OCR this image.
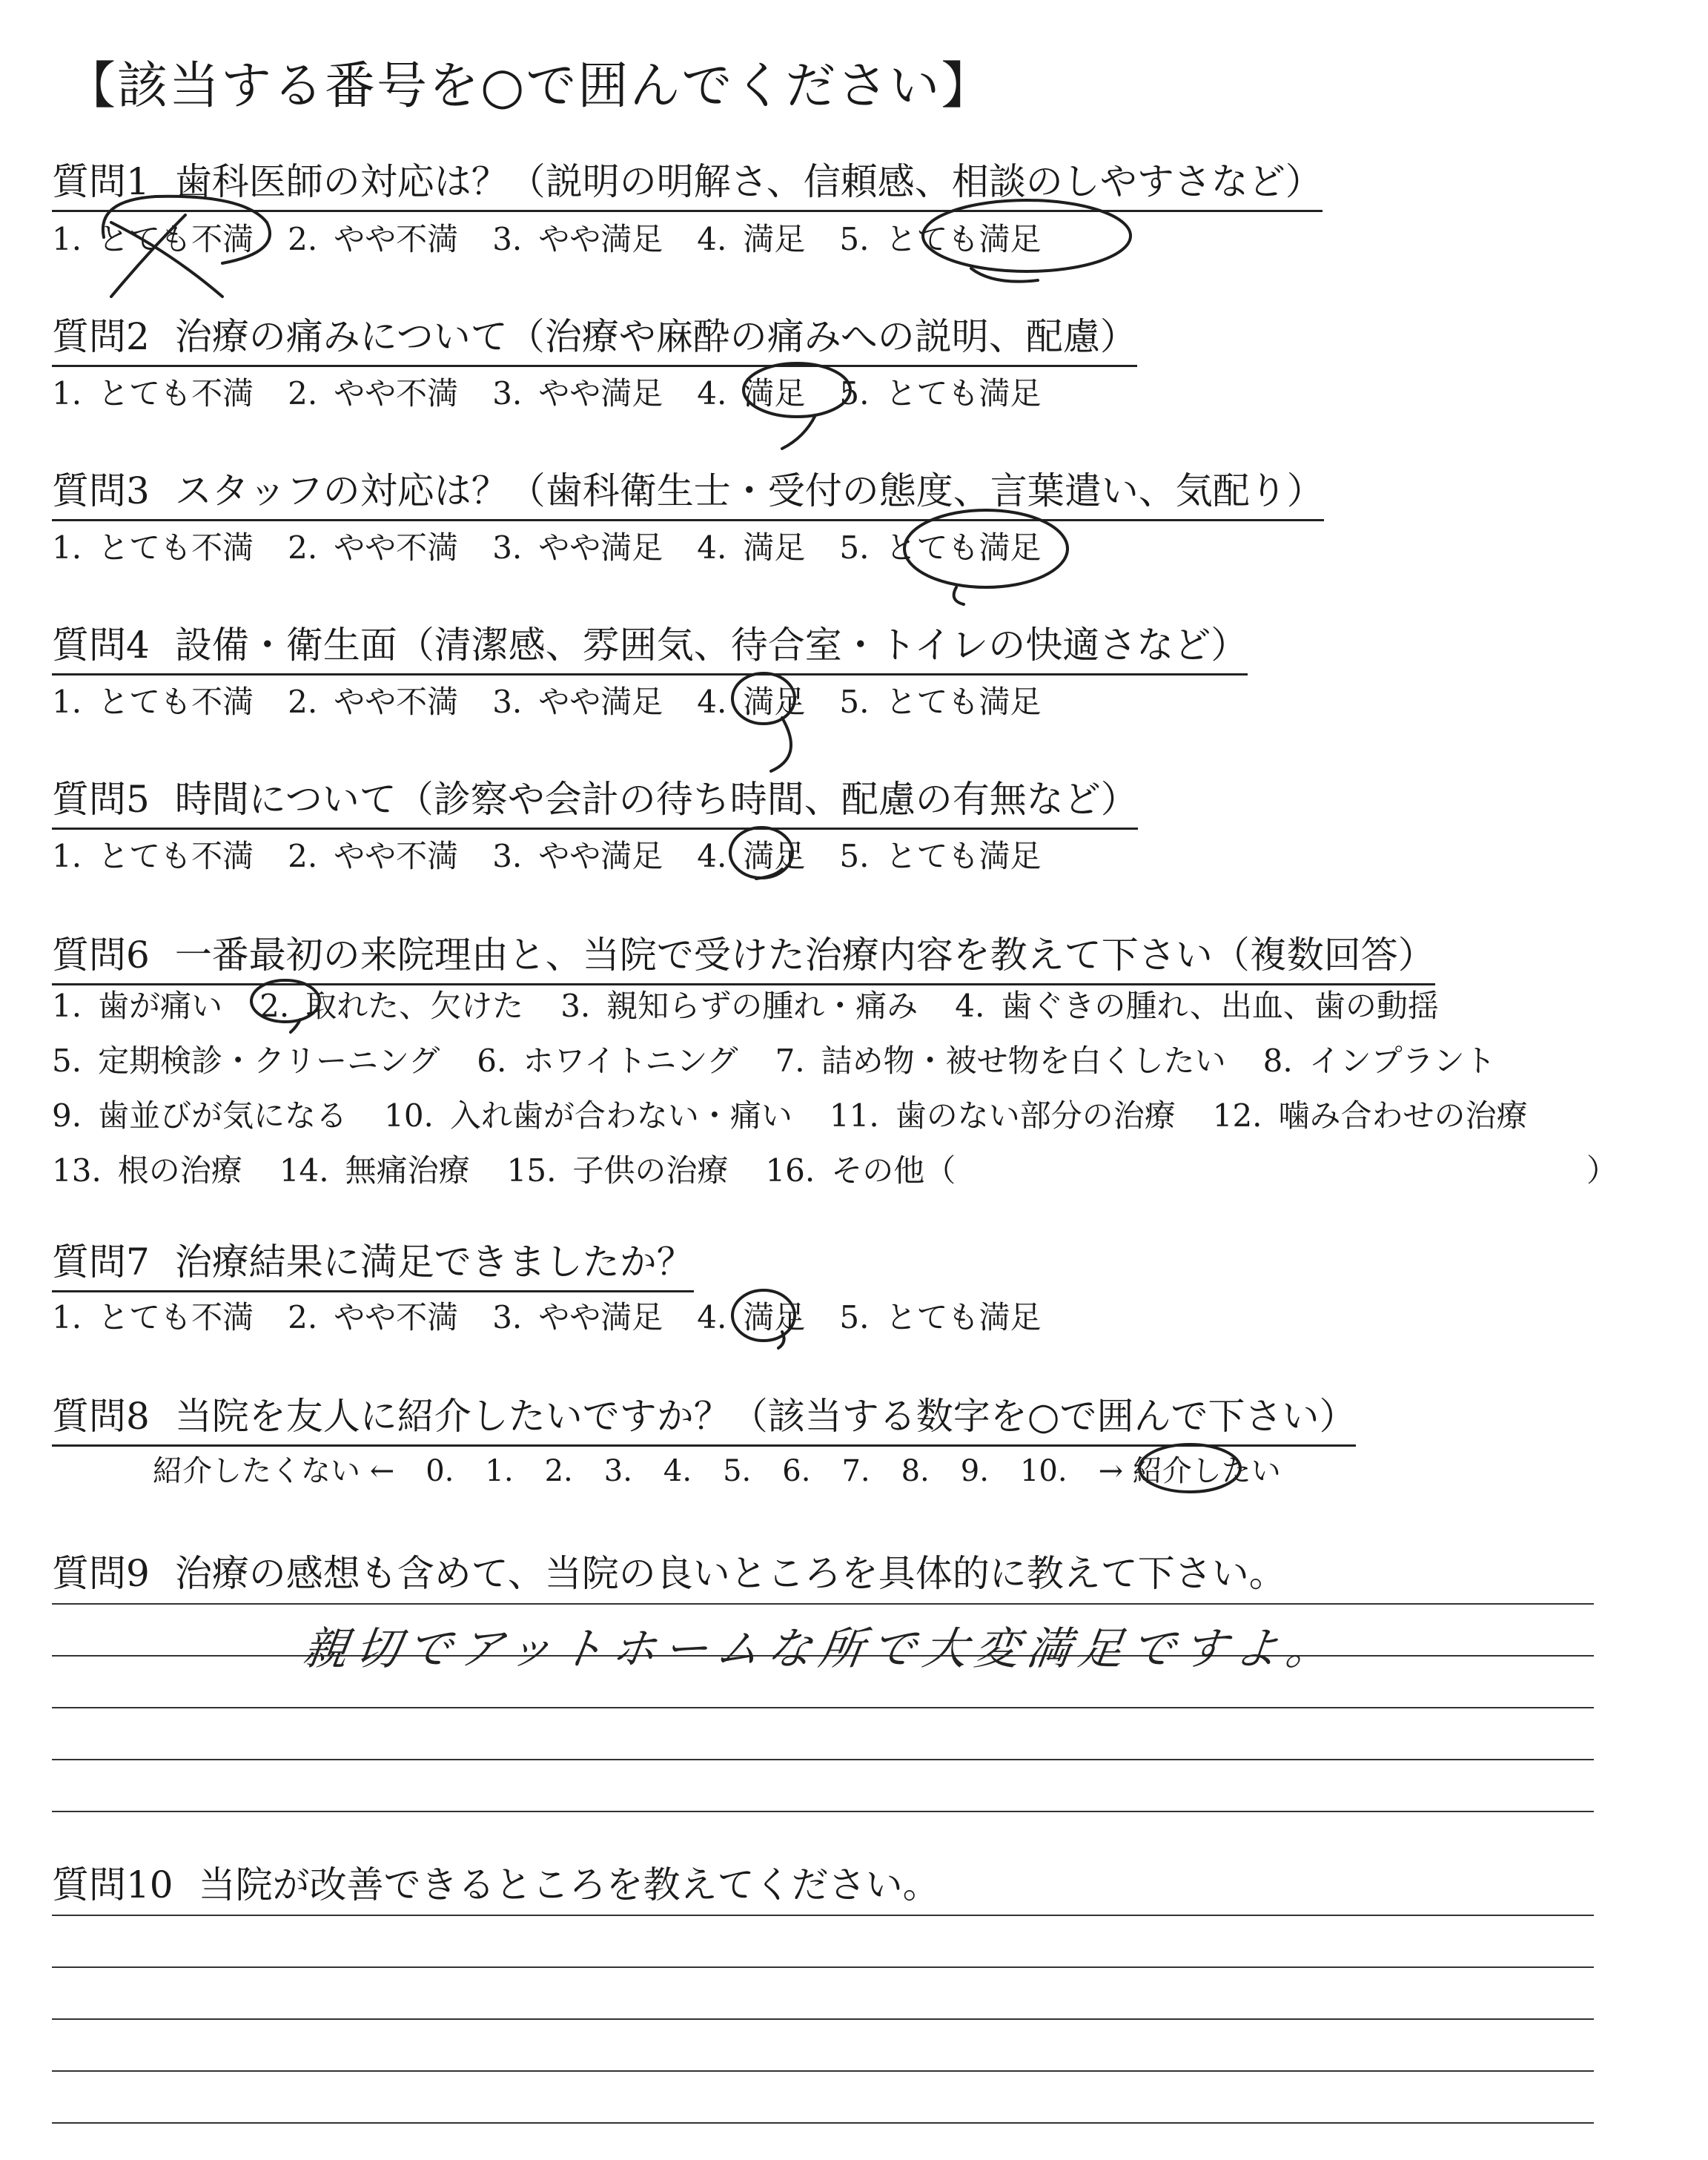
【該当する番号を○で囲んでください】
質問1 歯科医師の対応は？（説明の明解さ、信頼感、相談のしやすさなど）
1. とても不満 2. やや不満 3. やや満足 4. 満足 5. とても満足
質問2 治療の痛みについて（治療や麻酔の痛みへの説明、配慮）
1. とても不満 2. やや不満 3. やや満足 4. 満足 5. とても満足
質問3 スタッフの対応は？（歯科衛生士・受付の態度、言葉遣い、気配り）
1. とても不満 2. やや不満 3. やや満足 4. 満足 5. とても満足
質問4 設備・衛生面（清潔感、雰囲気、待合室・トイレの快適さなど）
1. とても不満 2. やや不満 3. やや満足 4. 満足 5. とても満足
質問5 時間について（診察や会計の待ち時間、配慮の有無など）
1. とても不満 2. やや不満 3. やや満足 4. 満足 5. とても満足
質問6 一番最初の来院理由と、当院で受けた治療内容を教えて下さい（複数回答）
1. 歯が痛い 2. 取れた、欠けた 3. 親知らずの腫れ・痛み 4. 歯ぐきの腫れ、出血、歯の動揺
5. 定期検診・クリーニング 6. ホワイトニング 7. 詰め物・被せ物を白くしたい 8. インプラント
9. 歯並びが気になる 10. 入れ歯が合わない・痛い 11. 歯のない部分の治療 12. 噛み合わせの治療
13. 根の治療 14. 無痛治療 15. 子供の治療 16. その他（	）
質問7 治療結果に満足できましたか？
1. とても不満 2. やや不満 3. やや満足 4. 満足 5. とても満足
質問8 当院を友人に紹介したいですか？（該当する数字を○で囲んで下さい）
紹介したくない ← 0. 1. 2. 3. 4. 5. 6. 7. 8. 9. 10. → 紹介したい
質問9 治療の感想も含めて、当院の良いところを具体的に教えて下さい。
親切でアットホームな所で大変満足ですよ。
質問10 当院が改善できるところを教えてください。
